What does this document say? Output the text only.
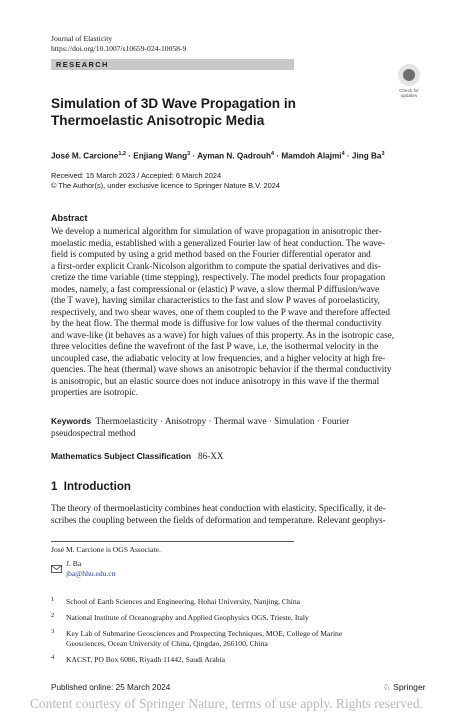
Journal of Elasticity
https://doi.org/10.1007/s10659-024-10058-9
RESEARCH
Check for
updates
Simulation of 3D Wave Propagation in Thermoelastic Anisotropic Media
José M. Carcione$^{1,2}$ · Enjiang Wang$^3$ · Ayman N. Qadrouh$^4$ · Mamdoh Alajmi$^4$ · Jing Ba$^3$
Received: 15 March 2023 / Accepted: 6 March 2024
© The Author(s), under exclusive licence to Springer Nature B.V. 2024
Abstract
We develop a numerical algorithm for simulation of wave propagation in anisotropic ther-
moelastic media, established with a generalized Fourier law of heat conduction. The wave-
field is computed by using a grid method based on the Fourier differential operator and
a first-order explicit Crank-Nicolson algorithm to compute the spatial derivatives and dis-
cretize the time variable (time stepping), respectively. The model predicts four propagation
modes, namely, a fast compressional or (elastic) P wave, a slow thermal P diffusion/wave
(the T wave), having similar characteristics to the fast and slow P waves of poroelasticity,
respectively, and two shear waves, one of them coupled to the P wave and therefore affected
by the heat flow. The thermal mode is diffusive for low values of the thermal conductivity
and wave-like (it behaves as a wave) for high values of this property. As in the isotropic case,
three velocities define the wavefront of the fast P wave, i.e, the isothermal velocity in the
uncoupled case, the adiabatic velocity at low frequencies, and a higher velocity at high fre-
quencies. The heat (thermal) wave shows an anisotropic behavior if the thermal conductivity
is anisotropic, but an elastic source does not induce anisotropy in this wave if the thermal
properties are isotropic.
Keywords Thermoelasticity · Anisotropy · Thermal wave · Simulation · Fourier
pseudospectral method
Mathematics Subject Classification 86-XX
1 Introduction
The theory of thermoelasticity combines heat conduction with elasticity. Specifically, it de-
scribes the coupling between the fields of deformation and temperature. Relevant geophys-
José M. Carcione is OGS Associate.
J. Ba
jba@hhu.edu.cn
1 School of Earth Sciences and Engineering, Hohai University, Nanjing, China
2 National Institute of Oceanography and Applied Geophysics OGS, Trieste, Italy
3 Key Lab of Submarine Geosciences and Prospecting Techniques, MOE, College of Marine
Geosciences, Ocean University of China, Qingdao, 266100, China
4 KACST, PO Box 6086, Riyadh 11442, Saudi Arabia
Published online: 25 March 2024	♘ Springer
Content courtesy of Springer Nature, terms of use apply. Rights reserved.
